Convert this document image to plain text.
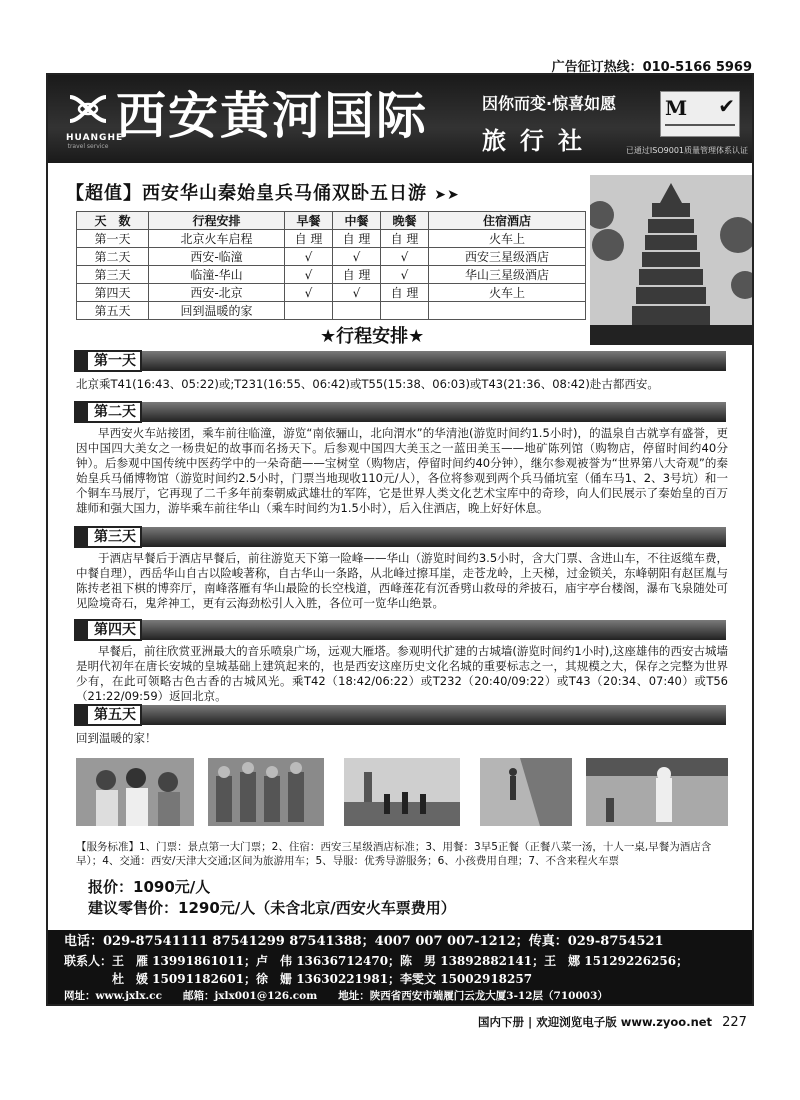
广告征订热线：010-5166 5969
HUANGHE
travel service
西安黄河国际	因你而变·惊喜如愿
旅行社
M ✔
已通过ISO9001质量管理体系认证
【超值】西安华山秦始皇兵马俑双卧五日游 ➤➤
天　数	行程安排	早餐	中餐	晚餐	住宿酒店
第一天	北京火车启程	自 理	自 理	自 理	火车上
第二天	西安-临潼	√	√	√	西安三星级酒店
第三天	临潼-华山	√	自 理	√	华山三星级酒店
第四天	西安-北京	√	√	自 理	火车上
第五天	回到温暖的家				
★行程安排★
第一天
北京乘T41(16:43、05:22)或;T231(16:55、06:42)或T55(15:38、06:03)或T43(21:36、08:42)赴古都西安。
第二天
早西安火车站接团，乘车前往临潼，游览“南依骊山，北向渭水”的华清池(游览时间约1.5小时)，的温泉自古就享有盛誉，更因中国四大美女之一杨贵妃的故事而名扬天下。后参观中国四大美玉之一蓝田美玉——地矿陈列馆（购物店，停留时间约40分钟）。后参观中国传统中医药学中的一朵奇葩——宝树堂（购物店，停留时间约40分钟），继尔参观被誉为“世界第八大奇观”的秦始皇兵马俑博物馆（游览时间约2.5小时，门票当地现收110元/人），各位将参观到两个兵马俑坑室（俑车马1、2、3号坑）和一个铜车马展厅，它再现了二千多年前秦朝威武雄壮的军阵，它是世界人类文化艺术宝库中的奇珍，向人们民展示了秦始皇的百万雄师和强大国力，游毕乘车前往华山（乘车时间约为1.5小时），后入住酒店，晚上好好休息。
第三天
于酒店早餐后于酒店早餐后，前往游览天下第一险峰——华山（游览时间约3.5小时，含大门票、含进山车，不往返缆车费，中餐自理），西岳华山自古以险峻著称，自古华山一条路，从北峰过擦耳崖，走苍龙岭，上天梯，过金锁关，东峰朝阳有赵匡胤与陈抟老祖下棋的博弈厅，南峰落雁有华山最险的长空栈道，西峰莲花有沉香劈山救母的斧披石，庙宇亭台楼阁，瀑布飞泉随处可见险境奇石，鬼斧神工，更有云海劲松引人入胜，各位可一览华山绝景。
第四天
早餐后，前往欣赏亚洲最大的音乐喷泉广场，远观大雁塔。参观明代扩建的古城墙(游览时间约1小时),这座雄伟的西安古城墙是明代初年在唐长安城的皇城基础上建筑起来的，也是西安这座历史文化名城的重要标志之一，其规模之大，保存之完整为世界少有，在此可领略古色古香的古城风光。乘T42（18:42/06:22）或T232（20:40/09:22）或T43（20:34、07:40）或T56（21:22/09:59）返回北京。
第五天
回到温暖的家！
【服务标准】1、门票：景点第一大门票；2、住宿：西安三星级酒店标准；3、用餐：3早5正餐（正餐八菜一汤，十人一桌,早餐为酒店含早）；4、交通：西安/天津大交通;区间为旅游用车；5、导服：优秀导游服务；6、小孩费用自理；7、不含来程火车票
报价：1090元/人
建议零售价：1290元/人（未含北京/西安火车票费用）
电话：029-87541111 87541299 87541388；4007 007 007-1212；传真：029-8754521
联系人：王　雁 13991861011；卢　伟 13636712470；陈　男 13892882141；王　娜 15129226256；
　　　　杜　媛 15091182601；徐　姗 13630221981；李雯文 15002918257
网址：www.jxlx.cc　　邮箱：jxlx001@126.com　　地址：陕西省西安市端履门云龙大厦3-12层（710003）
国内下册 | 欢迎浏览电子版 www.zyoo.net 227
